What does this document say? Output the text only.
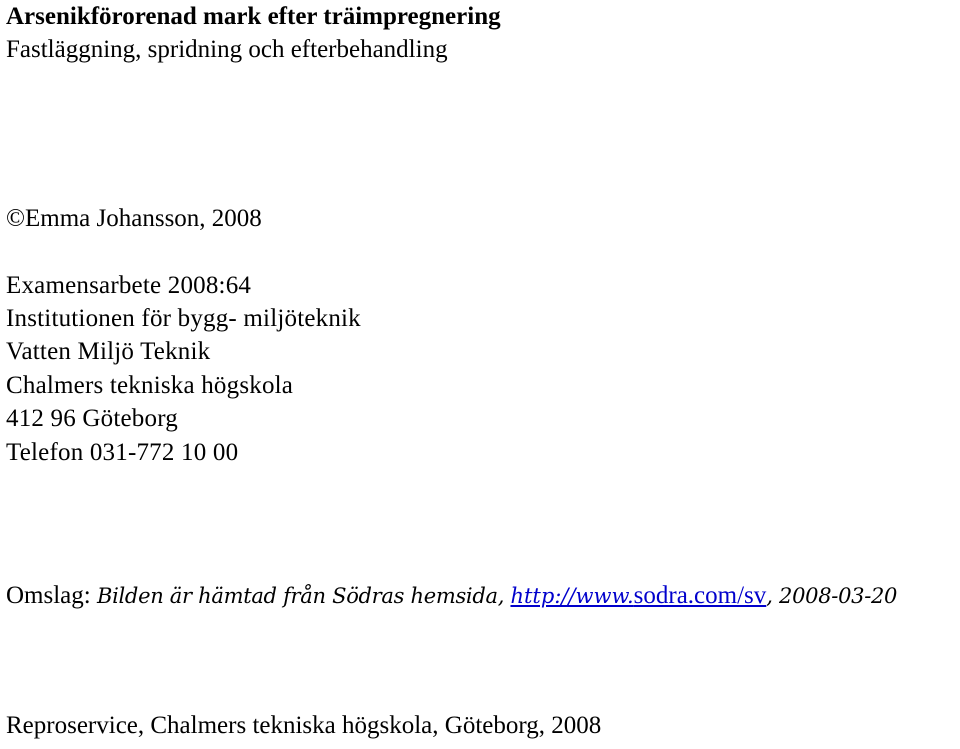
Arsenikförorenad mark efter träimpregnering
Fastläggning, spridning och efterbehandling
©Emma Johansson, 2008
Examensarbete 2008:64
Institutionen för bygg- miljöteknik
Vatten Miljö Teknik
Chalmers tekniska högskola
412 96 Göteborg
Telefon 031-772 10 00
Omslag: Bilden är hämtad från Södras hemsida, http://www.sodra.com/sv, 2008-03-20
Reproservice, Chalmers tekniska högskola, Göteborg, 2008
